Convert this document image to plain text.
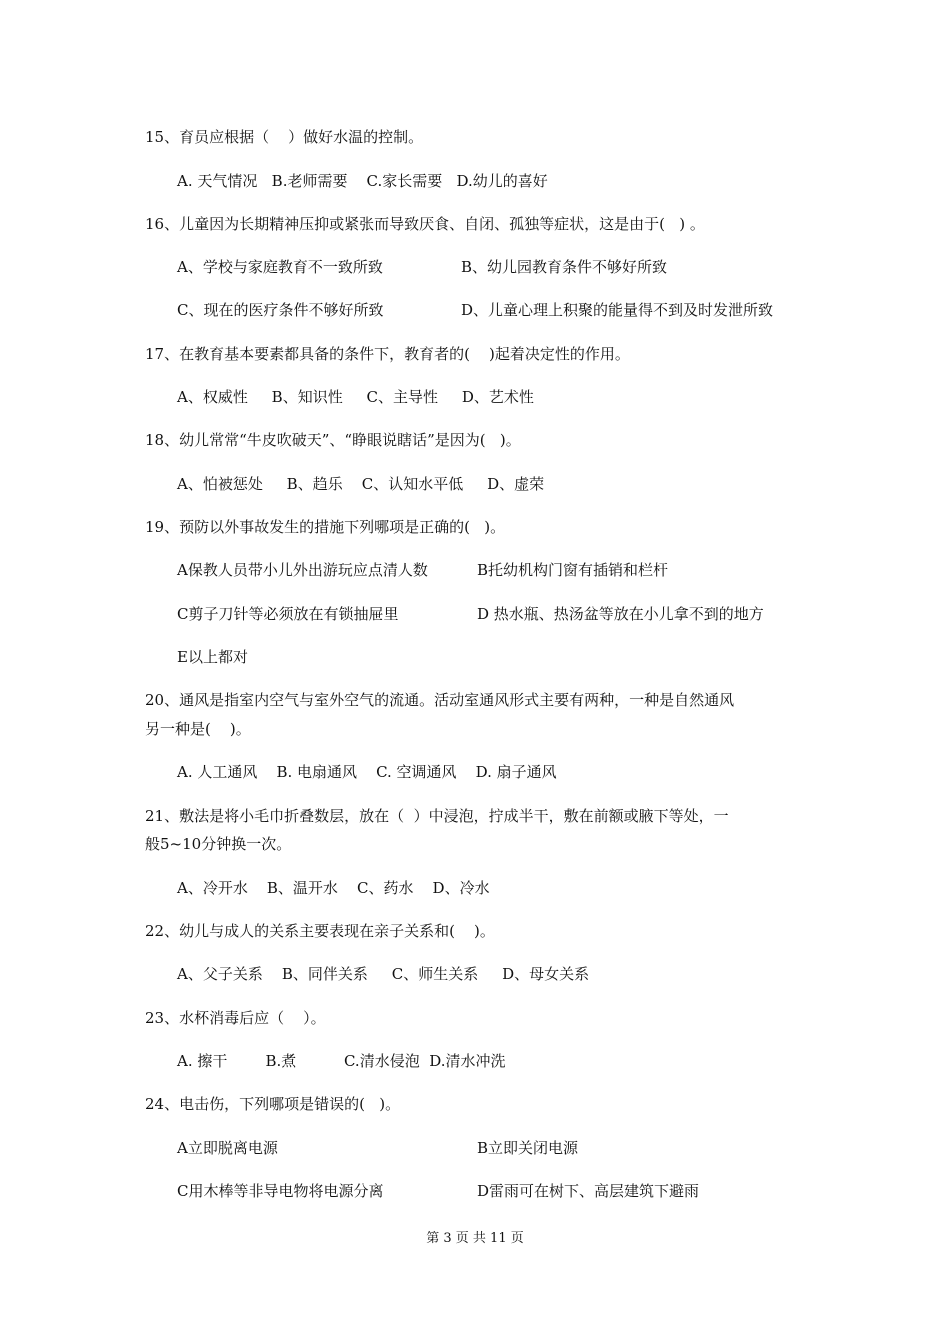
15、育员应根据（    ）做好水温的控制。
A. 天气情况   B.老师需要    C.家长需要   D.幼儿的喜好
16、儿童因为长期精神压抑或紧张而导致厌食、自闭、孤独等症状，这是由于(   ) 。
A、学校与家庭教育不一致所致	B、幼儿园教育条件不够好所致
C、现在的医疗条件不够好所致	D、儿童心理上积聚的能量得不到及时发泄所致
17、在教育基本要素都具备的条件下，教育者的(    )起着决定性的作用。
A、权威性     B、知识性     C、主导性     D、艺术性
18、幼儿常常“牛皮吹破天”、“睁眼说瞎话”是因为(   )。
A、怕被惩处     B、趋乐    C、认知水平低     D、虚荣
19、预防以外事故发生的措施下列哪项是正确的(   )。
A保教人员带小儿外出游玩应点清人数	B托幼机构门窗有插销和栏杆
C剪子刀针等必须放在有锁抽屉里	D 热水瓶、热汤盆等放在小儿拿不到的地方
E以上都对
20、通风是指室内空气与室外空气的流通。活动室通风形式主要有两种，一种是自然通风
另一种是(    )。
A. 人工通风    B. 电扇通风    C. 空调通风    D. 扇子通风
21、敷法是将小毛巾折叠数层，放在（  ）中浸泡，拧成半干，敷在前额或腋下等处，一
般5~10分钟换一次。
A、冷开水    B、温开水    C、药水    D、冷水
22、幼儿与成人的关系主要表现在亲子关系和(    )。
A、父子关系    B、同伴关系     C、师生关系     D、母女关系
23、水杯消毒后应（    ）。
A. 擦干        B.煮          C.清水侵泡  D.清水冲洗
24、电击伤，下列哪项是错误的(   )。
A立即脱离电源	B立即关闭电源
C用木棒等非导电物将电源分离	D雷雨可在树下、高层建筑下避雨
第 3 页 共 11 页
